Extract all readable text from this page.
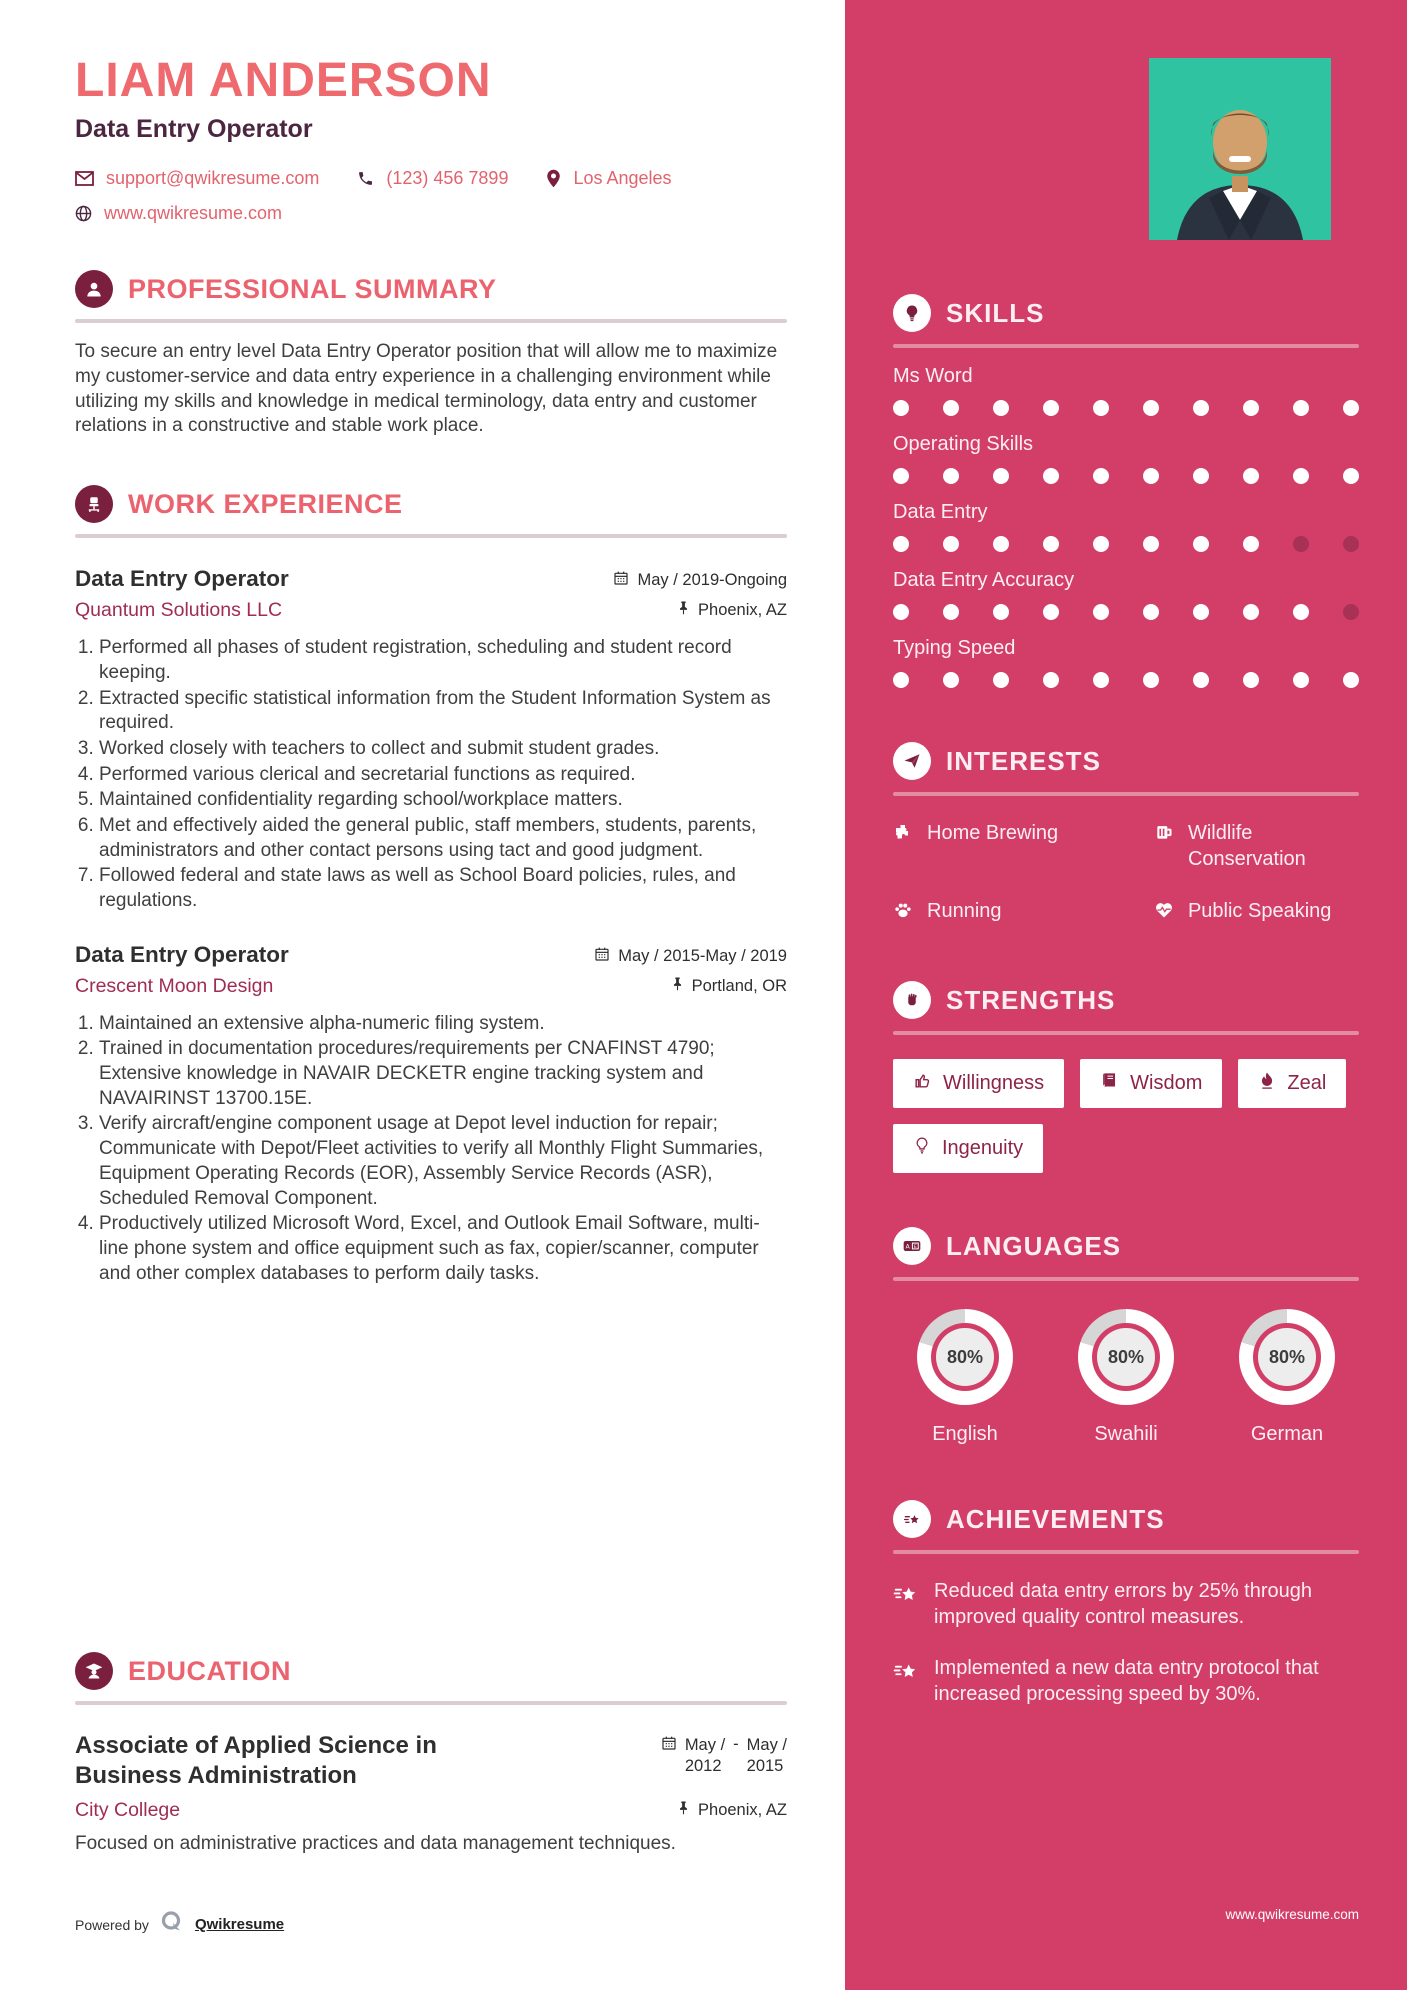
LIAM ANDERSON
Data Entry Operator
support@qwikresume.com	(123) 456 7899	Los Angeles
www.qwikresume.com
PROFESSIONAL SUMMARY
To secure an entry level Data Entry Operator position that will allow me to maximize my customer-service and data entry experience in a challenging environment while utilizing my skills and knowledge in medical terminology, data entry and customer relations in a constructive and stable work place.
WORK EXPERIENCE
Data Entry Operator	May / 2019-Ongoing
Quantum Solutions LLC	Phoenix, AZ
1. Performed all phases of student registration, scheduling and student record keeping.
2. Extracted specific statistical information from the Student Information System as required.
3. Worked closely with teachers to collect and submit student grades.
4. Performed various clerical and secretarial functions as required.
5. Maintained confidentiality regarding school/workplace matters.
6. Met and effectively aided the general public, staff members, students, parents, administrators and other contact persons using tact and good judgment.
7. Followed federal and state laws as well as School Board policies, rules, and regulations.
Data Entry Operator	May / 2015-May / 2019
Crescent Moon Design	Portland, OR
1. Maintained an extensive alpha-numeric filing system.
2. Trained in documentation procedures/requirements per CNAFINST 4790; Extensive knowledge in NAVAIR DECKETR engine tracking system and NAVAIRINST 13700.15E.
3. Verify aircraft/engine component usage at Depot level induction for repair; Communicate with Depot/Fleet activities to verify all Monthly Flight Summaries, Equipment Operating Records (EOR), Assembly Service Records (ASR), Scheduled Removal Component.
4. Productively utilized Microsoft Word, Excel, and Outlook Email Software, multi-line phone system and office equipment such as fax, copier/scanner, computer and other complex databases to perform daily tasks.
EDUCATION
Associate of Applied Science in Business Administration
May /
2012
- May /
2015
City College	Phoenix, AZ
Focused on administrative practices and data management techniques.
Powered by	Qwikresume
SKILLS
Ms Word
Operating Skills
Data Entry
Data Entry Accuracy
Typing Speed
INTERESTS
Home Brewing	Wildlife Conservation
Running	Public Speaking
STRENGTHS
Willingness	Wisdom	Zeal
Ingenuity
A E LANGUAGES
80%
English
80%
Swahili
80%
German
ACHIEVEMENTS
Reduced data entry errors by 25% through improved quality control measures.
Implemented a new data entry protocol that increased processing speed by 30%.
www.qwikresume.com
